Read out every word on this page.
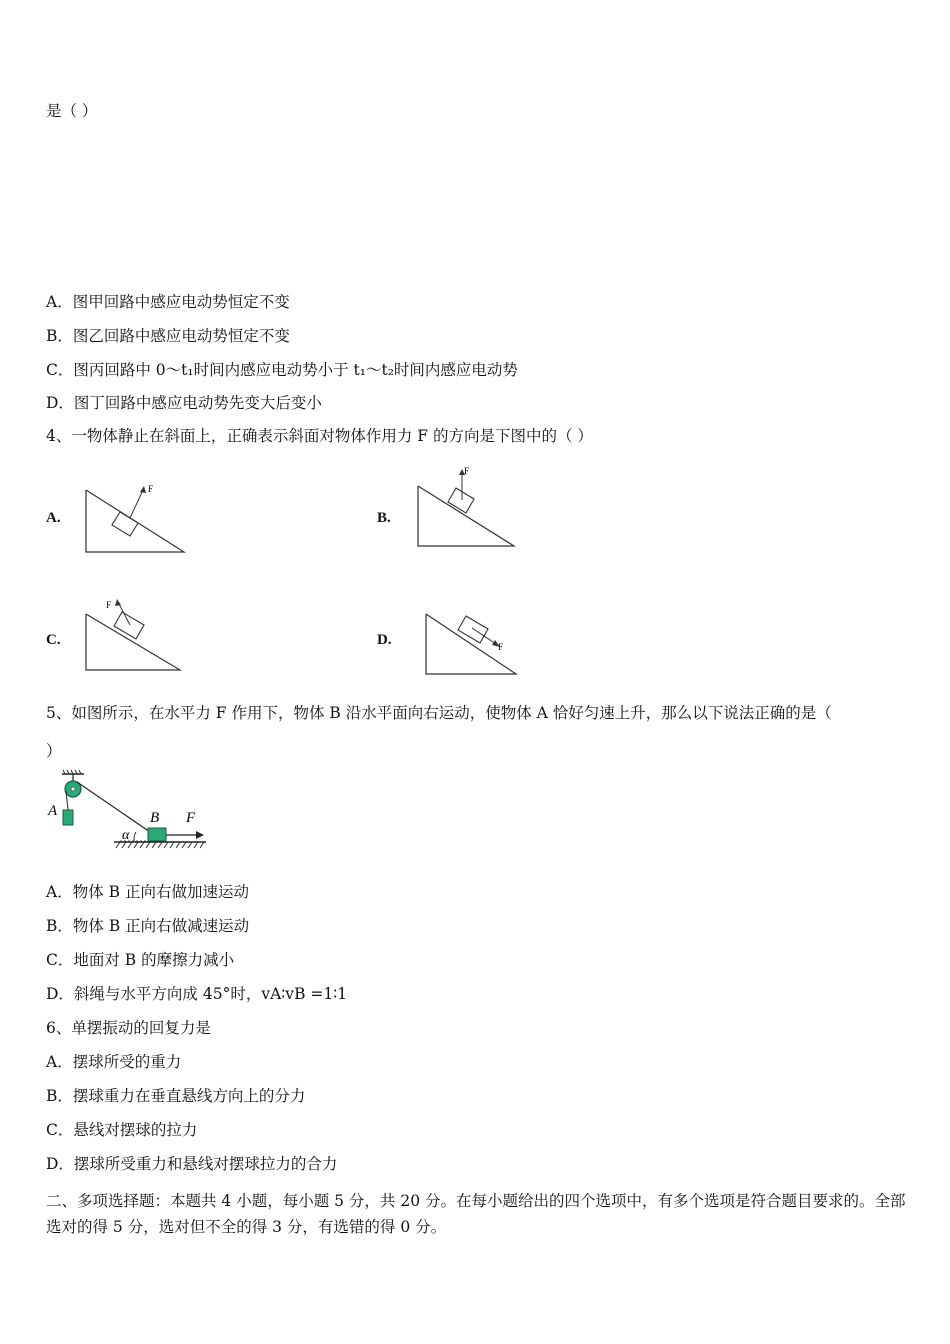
是（ ）
A．图甲回路中感应电动势恒定不变
B．图乙回路中感应电动势恒定不变
C．图丙回路中 0～t₁时间内感应电动势小于 t₁～t₂时间内感应电动势
D．图丁回路中感应电动势先变大后变小
4、一物体静止在斜面上，正确表示斜面对物体作用力 F 的方向是下图中的（ ）
A.
F
B.
F
C.
F
D.	F
5、如图所示，在水平力 F 作用下，物体 B 沿水平面向右运动，使物体 A 恰好匀速上升，那么以下说法正确的是（
）
A	B F
α
A．物体 B 正向右做加速运动
B．物体 B 正向右做减速运动
C．地面对 B 的摩擦力减小
D．斜绳与水平方向成 45°时，vA∶vB =1∶1
6、单摆振动的回复力是
A．摆球所受的重力
B．摆球重力在垂直悬线方向上的分力
C．悬线对摆球的拉力
D．摆球所受重力和悬线对摆球拉力的合力
二、多项选择题：本题共 4 小题，每小题 5 分，共 20 分。在每小题给出的四个选项中，有多个选项是符合题目要求的。全部选对的得 5 分，选对但不全的得 3 分，有选错的得 0 分。
